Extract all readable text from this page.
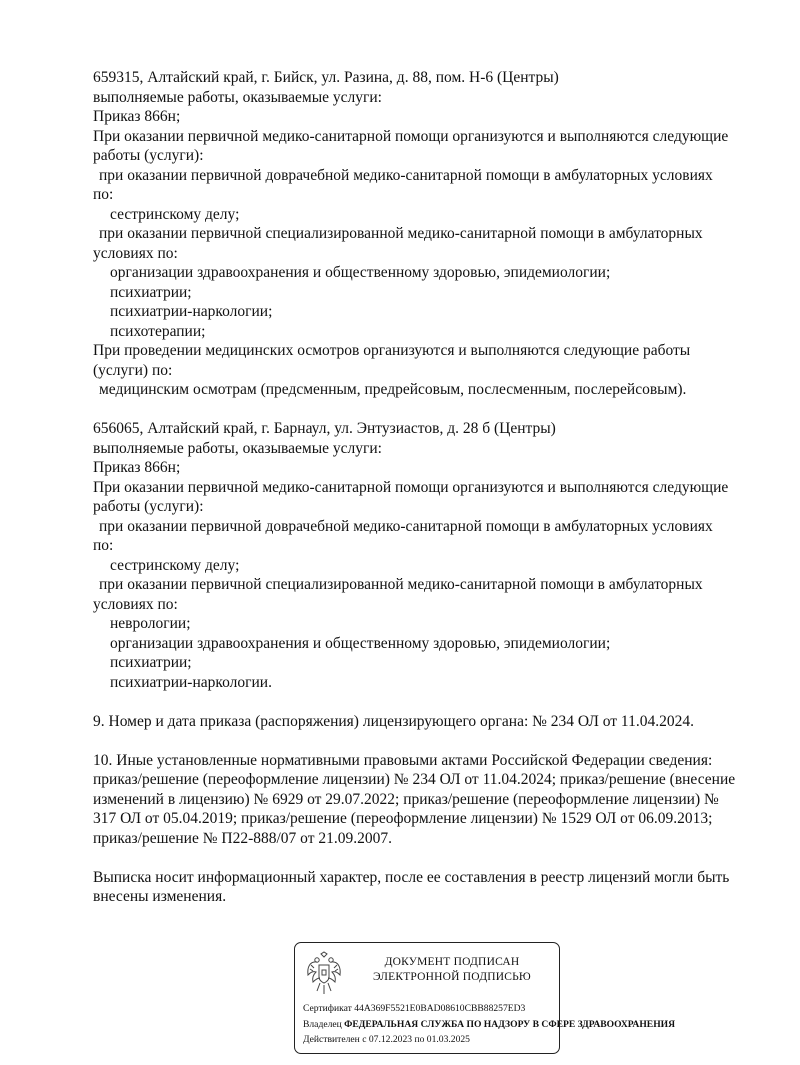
659315, Алтайский край, г. Бийск, ул. Разина, д. 88, пом. Н-6 (Центры)
выполняемые работы, оказываемые услуги:
Приказ 866н;
При оказании первичной медико-санитарной помощи организуются и выполняются следующие
работы (услуги):
при оказании первичной доврачебной медико-санитарной помощи в амбулаторных условиях
по:
сестринскому делу;
при оказании первичной специализированной медико-санитарной помощи в амбулаторных
условиях по:
организации здравоохранения и общественному здоровью, эпидемиологии;
психиатрии;
психиатрии-наркологии;
психотерапии;
При проведении медицинских осмотров организуются и выполняются следующие работы
(услуги) по:
медицинским осмотрам (предсменным, предрейсовым, послесменным, послерейсовым).
656065, Алтайский край, г. Барнаул, ул. Энтузиастов, д. 28 б (Центры)
выполняемые работы, оказываемые услуги:
Приказ 866н;
При оказании первичной медико-санитарной помощи организуются и выполняются следующие
работы (услуги):
при оказании первичной доврачебной медико-санитарной помощи в амбулаторных условиях
по:
сестринскому делу;
при оказании первичной специализированной медико-санитарной помощи в амбулаторных
условиях по:
неврологии;
организации здравоохранения и общественному здоровью, эпидемиологии;
психиатрии;
психиатрии-наркологии.
9. Номер и дата приказа (распоряжения) лицензирующего органа: № 234 ОЛ от 11.04.2024.
10. Иные установленные нормативными правовыми актами Российской Федерации сведения:
приказ/решение (переоформление лицензии) № 234 ОЛ от 11.04.2024; приказ/решение (внесение
изменений в лицензию) № 6929 от 29.07.2022; приказ/решение (переоформление лицензии) №
317 ОЛ от 05.04.2019; приказ/решение (переоформление лицензии) № 1529 ОЛ от 06.09.2013;
приказ/решение № П22-888/07 от 21.09.2007.
Выписка носит информационный характер, после ее составления в реестр лицензий могли быть
внесены изменения.
ДОКУМЕНТ ПОДПИСАН
ЭЛЕКТРОННОЙ ПОДПИСЬЮ
Сертификат 44A369F5521E0BAD08610CBB88257ED3
Владелец ФЕДЕРАЛЬНАЯ СЛУЖБА ПО НАДЗОРУ В СФЕРЕ ЗДРАВООХРАНЕНИЯ
Действителен с 07.12.2023 по 01.03.2025
